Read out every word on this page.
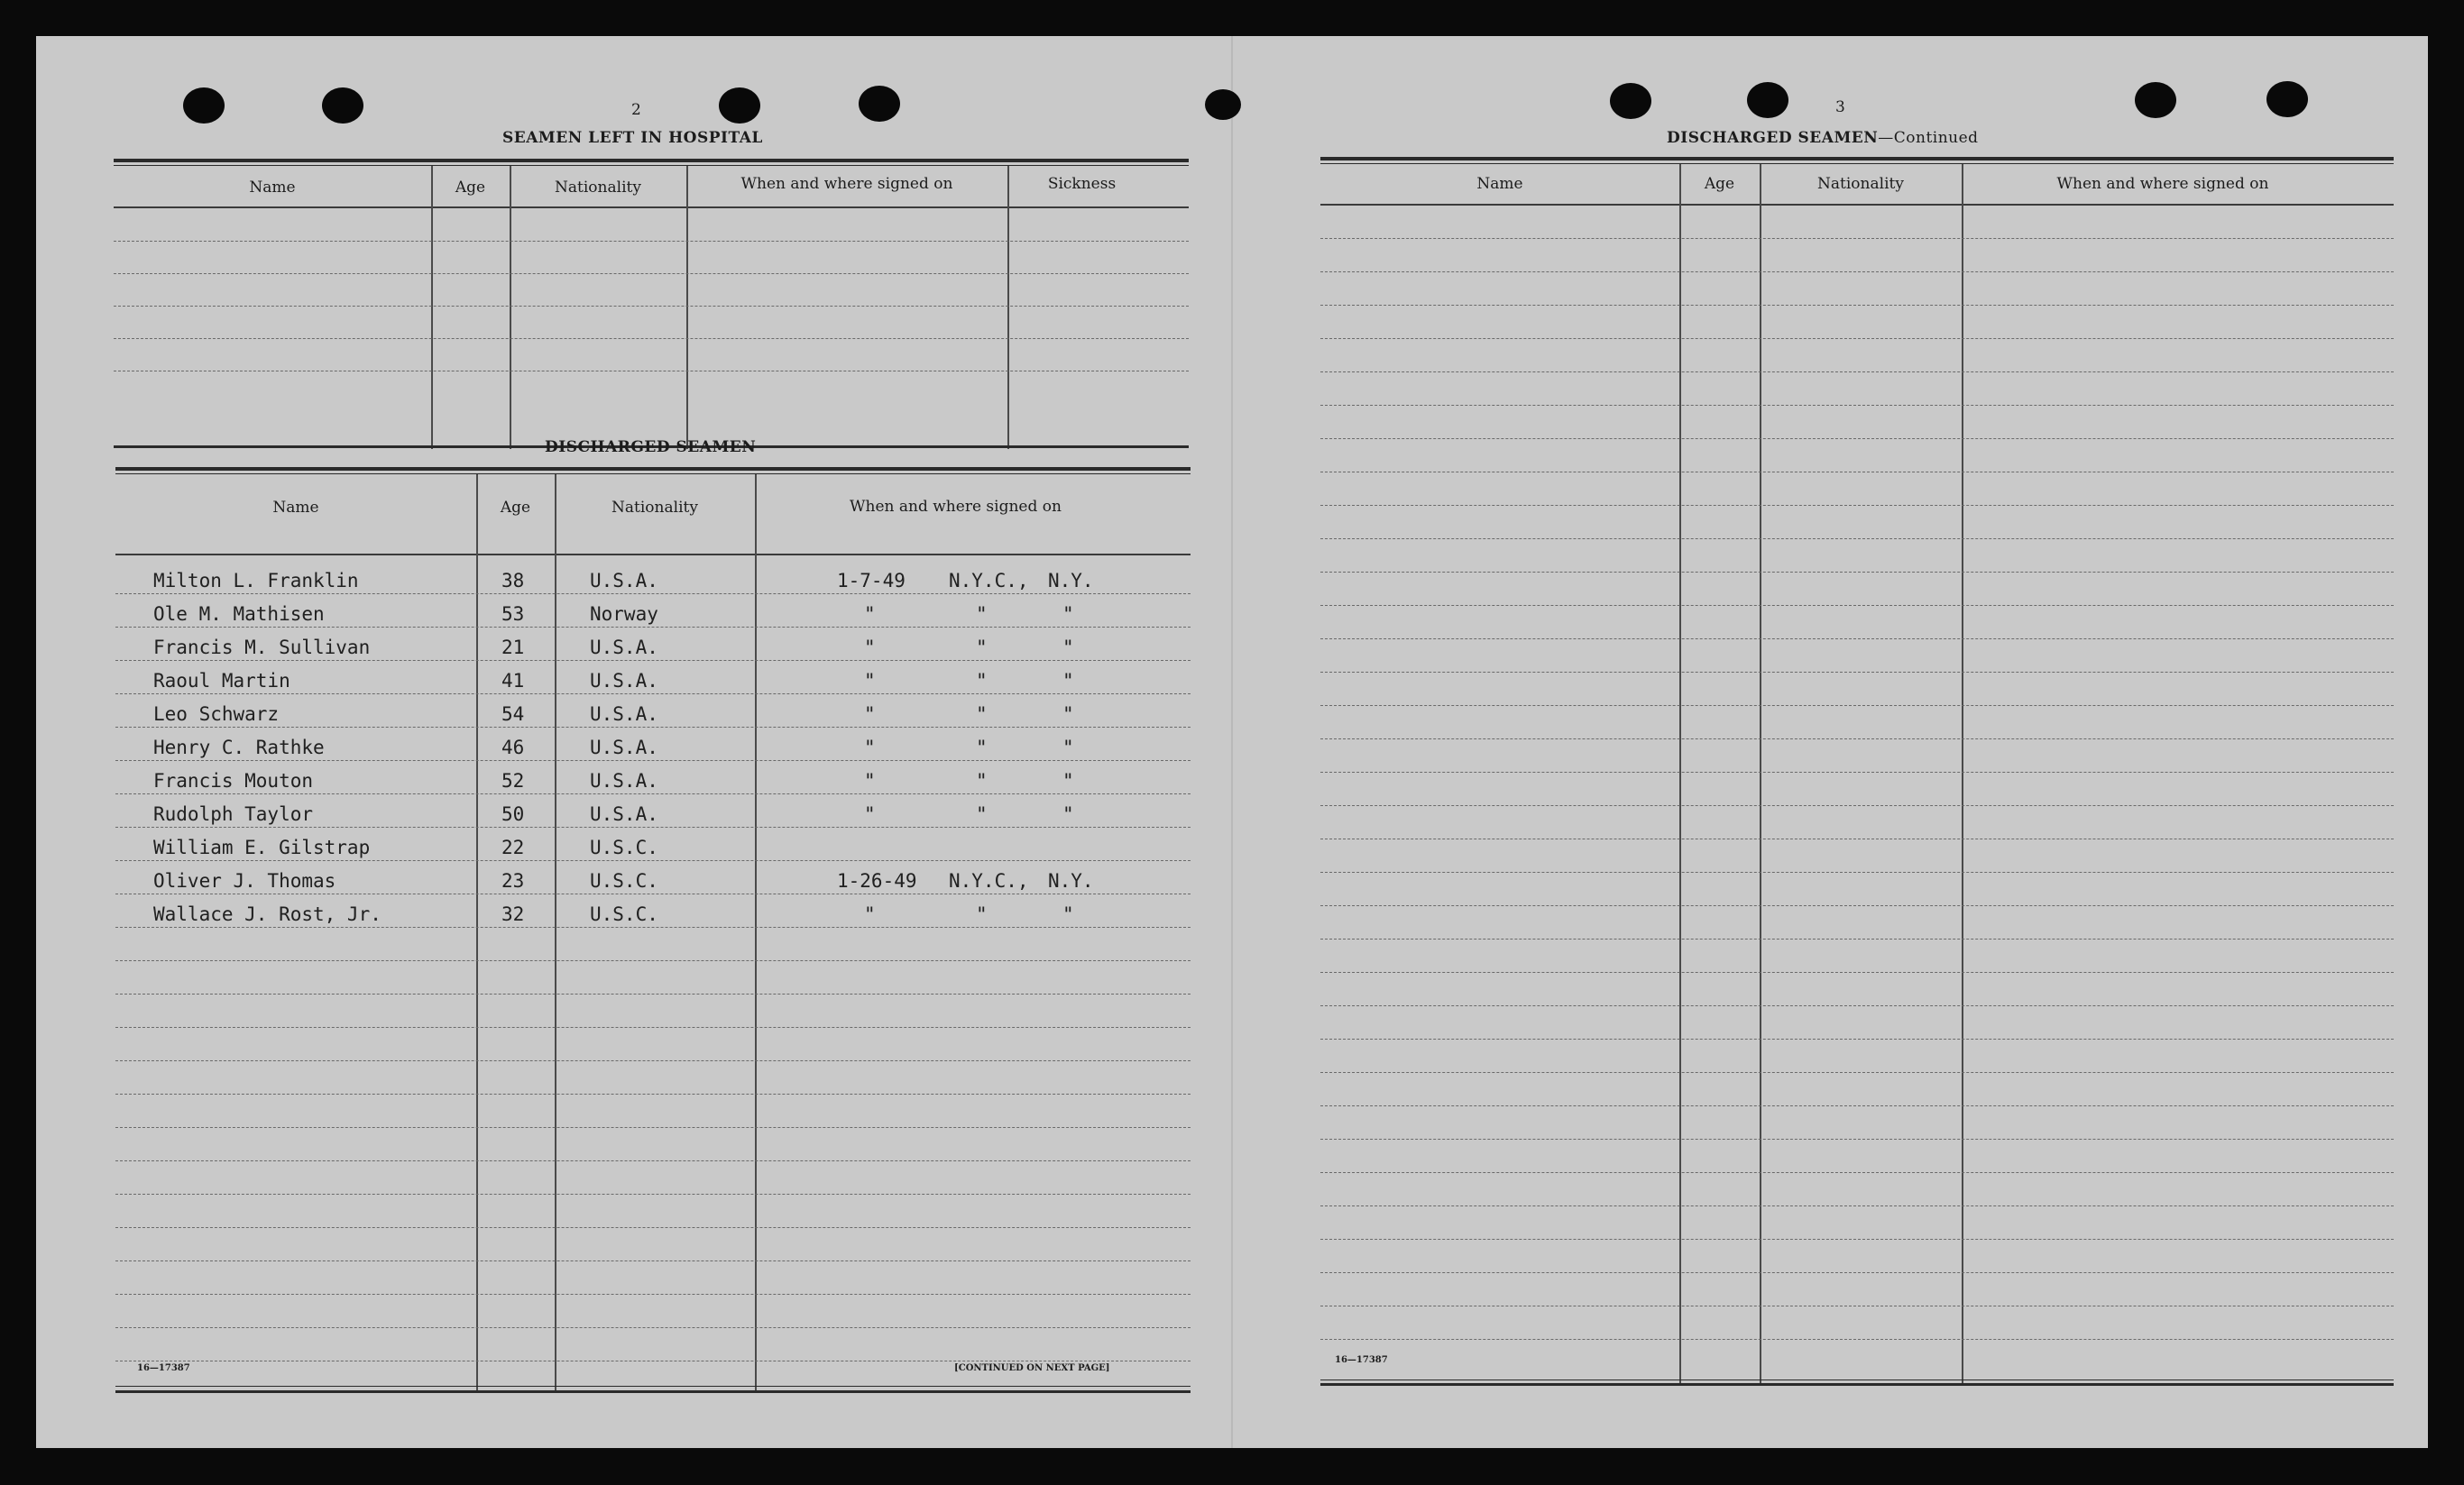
2
SEAMEN LEFT IN HOSPITAL
Name	Age	Nationality	When and where signed on	Sickness
DISCHARGED SEAMEN
Name	Age	Nationality	When and where signed on
Milton L. Franklin	38	U.S.A.	1-7-49 N.Y.C., N.Y.
Ole M. Mathisen	53	Norway	"	"	"
Francis M. Sullivan	21	U.S.A.	"	"	"
Raoul Martin	41	U.S.A.	"	"	"
Leo Schwarz	54	U.S.A.	"	"	"
Henry C. Rathke	46	U.S.A.	"	"	"
Francis Mouton	52	U.S.A.	"	"	"
Rudolph Taylor	50	U.S.A.	"	"	"
William E. Gilstrap	22	U.S.C.
Oliver J. Thomas	23	U.S.C.	1-26-49 N.Y.C., N.Y.
Wallace J. Rost, Jr.	32	U.S.C.	"	"	"
16—17387	[CONTINUED ON NEXT PAGE]
3
DISCHARGED SEAMEN—Continued
Name	Age	Nationality	When and where signed on
16—17387
